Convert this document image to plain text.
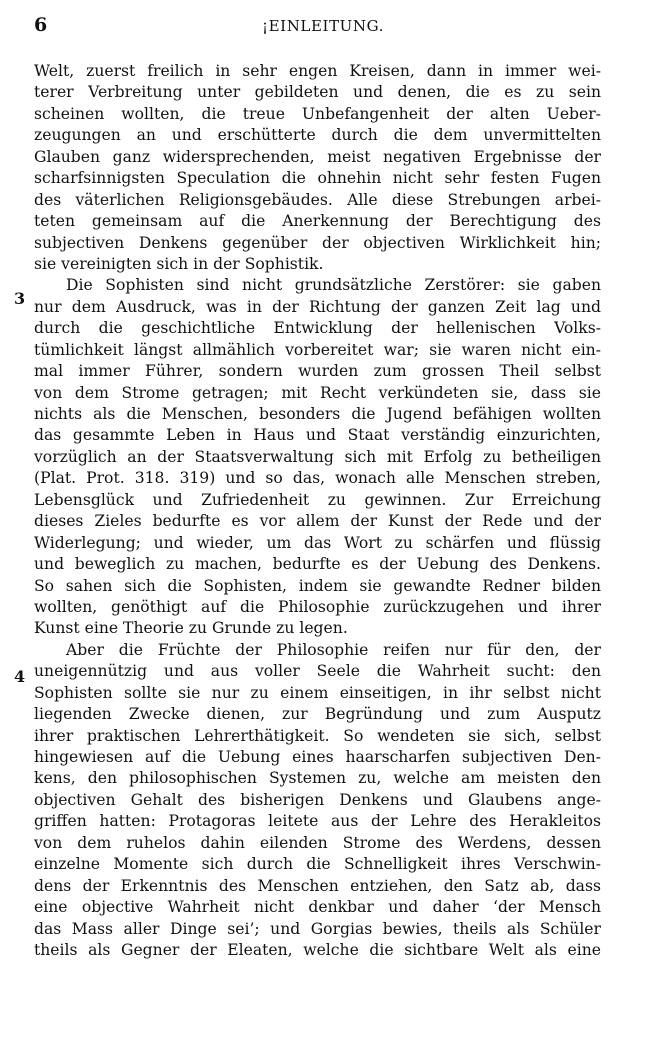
6	¡EINLEITUNG.
3
4
Welt, zuerst freilich in sehr engen Kreisen, dann in immer wei-
terer Verbreitung unter gebildeten und denen, die es zu sein
scheinen wollten, die treue Unbefangenheit der alten Ueber-
zeugungen an und erschütterte durch die dem unvermittelten
Glauben ganz widersprechenden, meist negativen Ergebnisse der
scharfsinnigsten Speculation die ohnehin nicht sehr festen Fugen
des väterlichen Religionsgebäudes. Alle diese Strebungen arbei-
teten gemeinsam auf die Anerkennung der Berechtigung des
subjectiven Denkens gegenüber der objectiven Wirklichkeit hin;
sie vereinigten sich in der Sophistik.
Die Sophisten sind nicht grundsätzliche Zerstörer: sie gaben
nur dem Ausdruck, was in der Richtung der ganzen Zeit lag und
durch die geschichtliche Entwicklung der hellenischen Volks-
tümlichkeit längst allmählich vorbereitet war; sie waren nicht ein-
mal immer Führer, sondern wurden zum grossen Theil selbst
von dem Strome getragen; mit Recht verkündeten sie, dass sie
nichts als die Menschen, besonders die Jugend befähigen wollten
das gesammte Leben in Haus und Staat verständig einzurichten,
vorzüglich an der Staatsverwaltung sich mit Erfolg zu betheiligen
(Plat. Prot. 318. 319) und so das, wonach alle Menschen streben,
Lebensglück und Zufriedenheit zu gewinnen. Zur Erreichung
dieses Zieles bedurfte es vor allem der Kunst der Rede und der
Widerlegung; und wieder, um das Wort zu schärfen und flüssig
und beweglich zu machen, bedurfte es der Uebung des Denkens.
So sahen sich die Sophisten, indem sie gewandte Redner bilden
wollten, genöthigt auf die Philosophie zurückzugehen und ihrer
Kunst eine Theorie zu Grunde zu legen.
Aber die Früchte der Philosophie reifen nur für den, der
uneigennützig und aus voller Seele die Wahrheit sucht: den
Sophisten sollte sie nur zu einem einseitigen, in ihr selbst nicht
liegenden Zwecke dienen, zur Begründung und zum Ausputz
ihrer praktischen Lehrerthätigkeit. So wendeten sie sich, selbst
hingewiesen auf die Uebung eines haarscharfen subjectiven Den-
kens, den philosophischen Systemen zu, welche am meisten den
objectiven Gehalt des bisherigen Denkens und Glaubens ange-
griffen hatten: Protagoras leitete aus der Lehre des Herakleitos
von dem ruhelos dahin eilenden Strome des Werdens, dessen
einzelne Momente sich durch die Schnelligkeit ihres Verschwin-
dens der Erkenntnis des Menschen entziehen, den Satz ab, dass
eine objective Wahrheit nicht denkbar und daher ‘der Mensch
das Mass aller Dinge sei’; und Gorgias bewies, theils als Schüler
theils als Gegner der Eleaten, welche die sichtbare Welt als eine
